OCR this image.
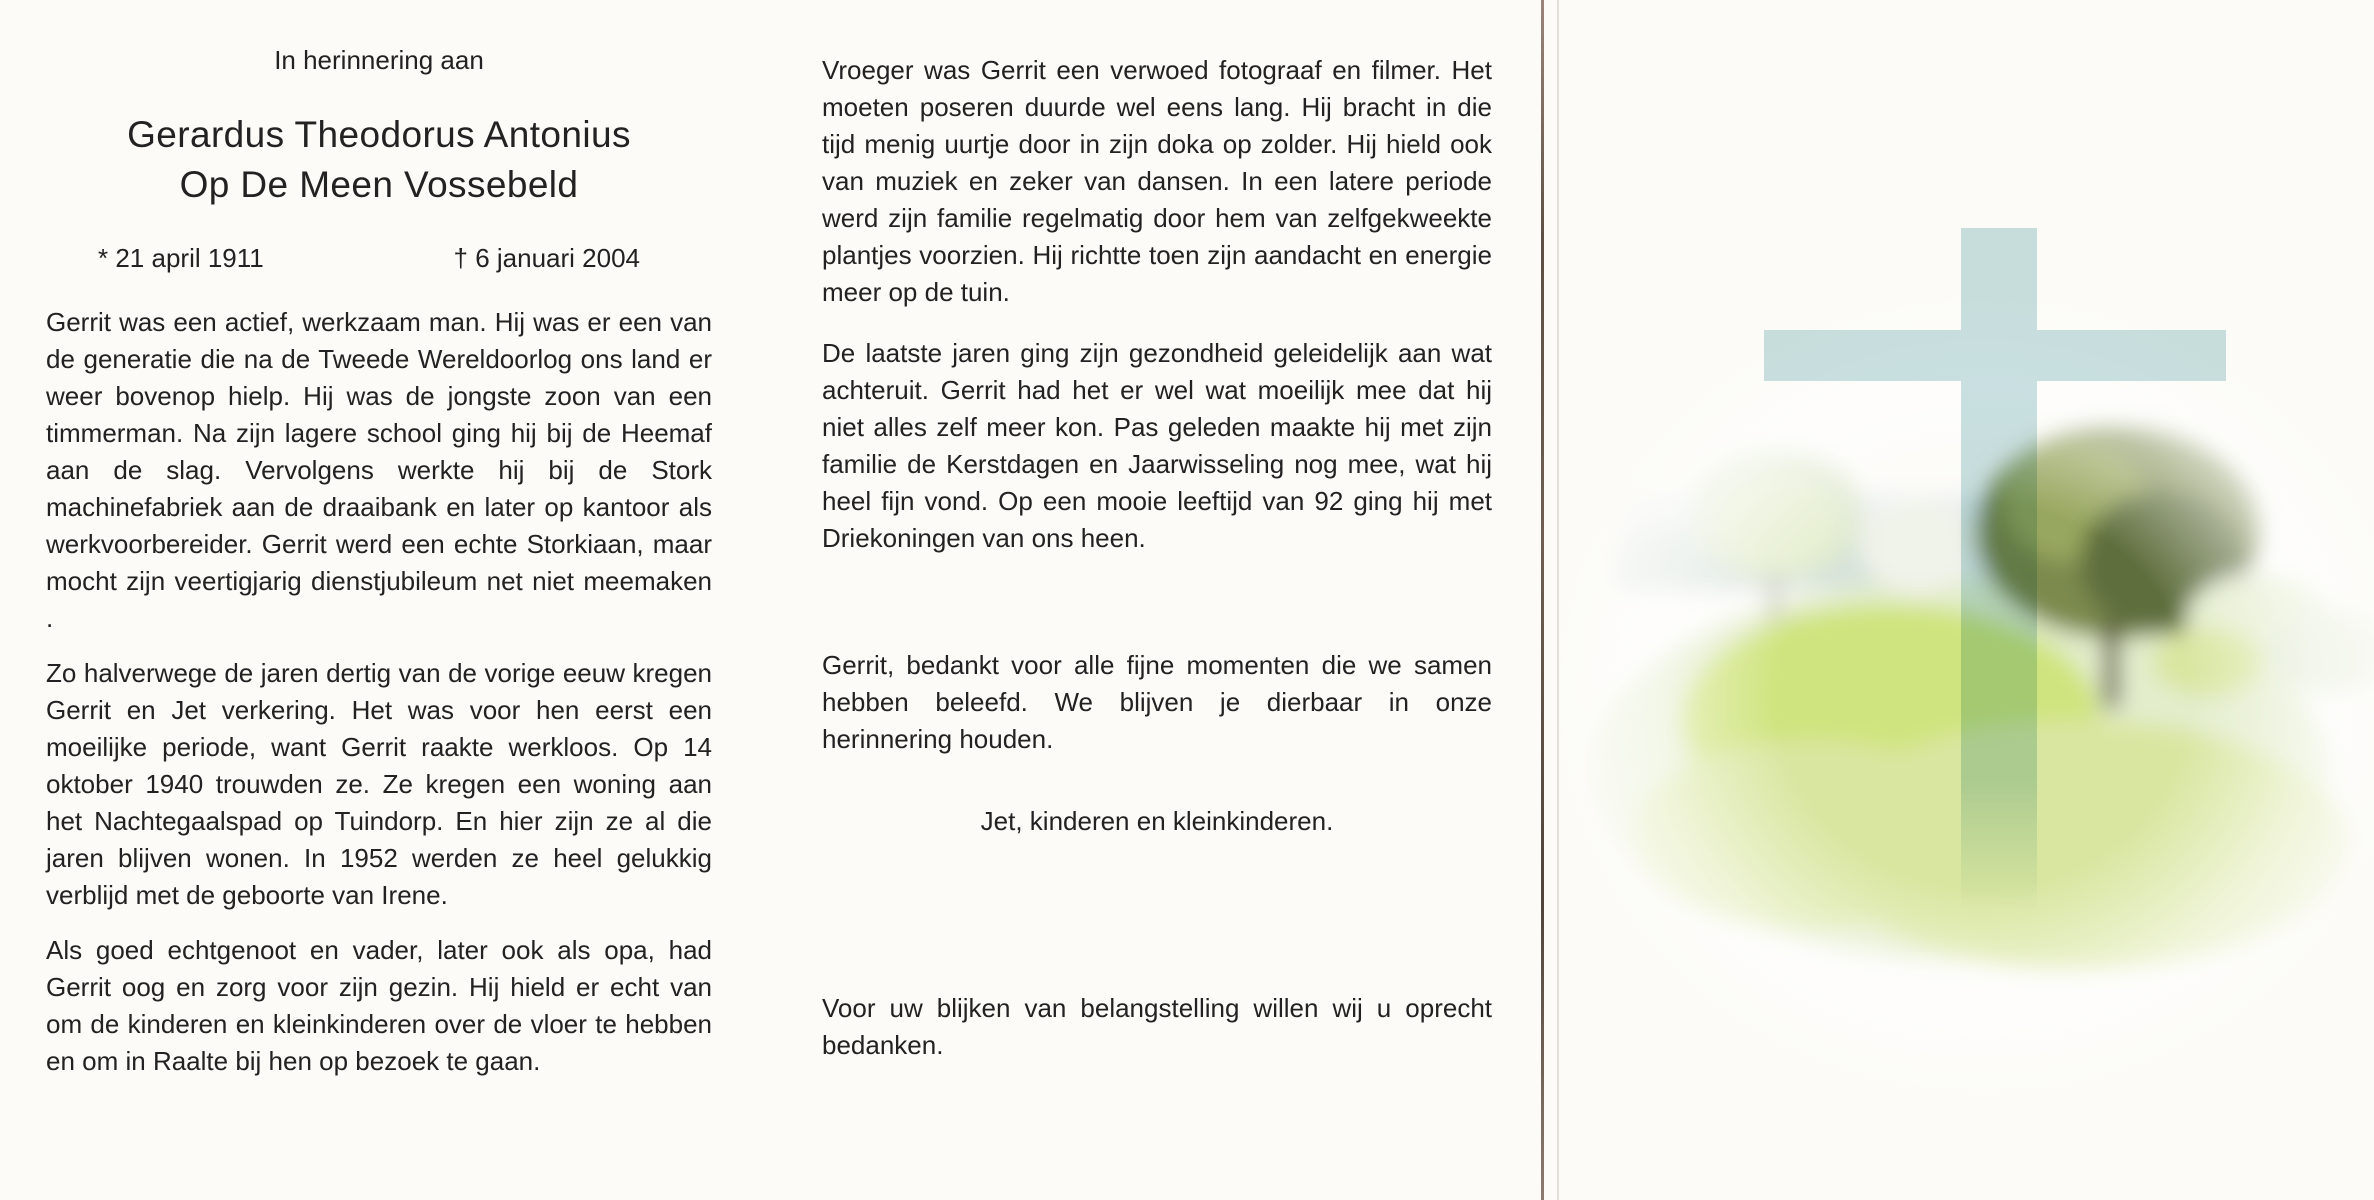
In herinnering aan
Gerardus Theodorus Antonius
Op De Meen Vossebeld
* 21 april 1911	† 6 januari 2004

Gerrit was een actief, werkzaam man. Hij was er een van de generatie die na de Tweede Wereldoorlog ons land er weer bovenop hielp. Hij was de jongste zoon van een timmerman. Na zijn lagere school ging hij bij de Heemaf aan de slag. Vervolgens werkte hij bij de Stork machinefabriek aan de draaibank en later op kantoor als werkvoorbereider. Gerrit werd een echte Storkiaan, maar mocht zijn veertigjarig dienstjubileum net niet meemaken .

Zo halverwege de jaren dertig van de vorige eeuw kregen Gerrit en Jet verkering. Het was voor hen eerst een moeilijke periode, want Gerrit raakte werkloos. Op 14 oktober 1940 trouwden ze. Ze kregen een woning aan het Nachtegaalspad op Tuindorp. En hier zijn ze al die jaren blijven wonen. In 1952 werden ze heel gelukkig verblijd met de geboorte van Irene.

Als goed echtgenoot en vader, later ook als opa, had Gerrit oog en zorg voor zijn gezin. Hij hield er echt van om de kinderen en kleinkinderen over de vloer te hebben en om in Raalte bij hen op bezoek te gaan.

Vroeger was Gerrit een verwoed fotograaf en filmer. Het moeten poseren duurde wel eens lang. Hij bracht in die tijd menig uurtje door in zijn doka op zolder. Hij hield ook van muziek en zeker van dansen. In een latere periode werd zijn familie regelmatig door hem van zelfgekweekte plantjes voorzien. Hij richtte toen zijn aandacht en energie meer op de tuin.

De laatste jaren ging zijn gezondheid geleidelijk aan wat achteruit. Gerrit had het er wel wat moeilijk mee dat hij niet alles zelf meer kon. Pas geleden maakte hij met zijn familie de Kerstdagen en Jaarwisseling nog mee, wat hij heel fijn vond. Op een mooie leeftijd van 92 ging hij met Driekoningen van ons heen.

Gerrit, bedankt voor alle fijne momenten die we samen hebben beleefd. We blijven je dierbaar in onze herinnering houden.

Jet, kinderen en kleinkinderen.

Voor uw blijken van belangstelling willen wij u oprecht bedanken.
